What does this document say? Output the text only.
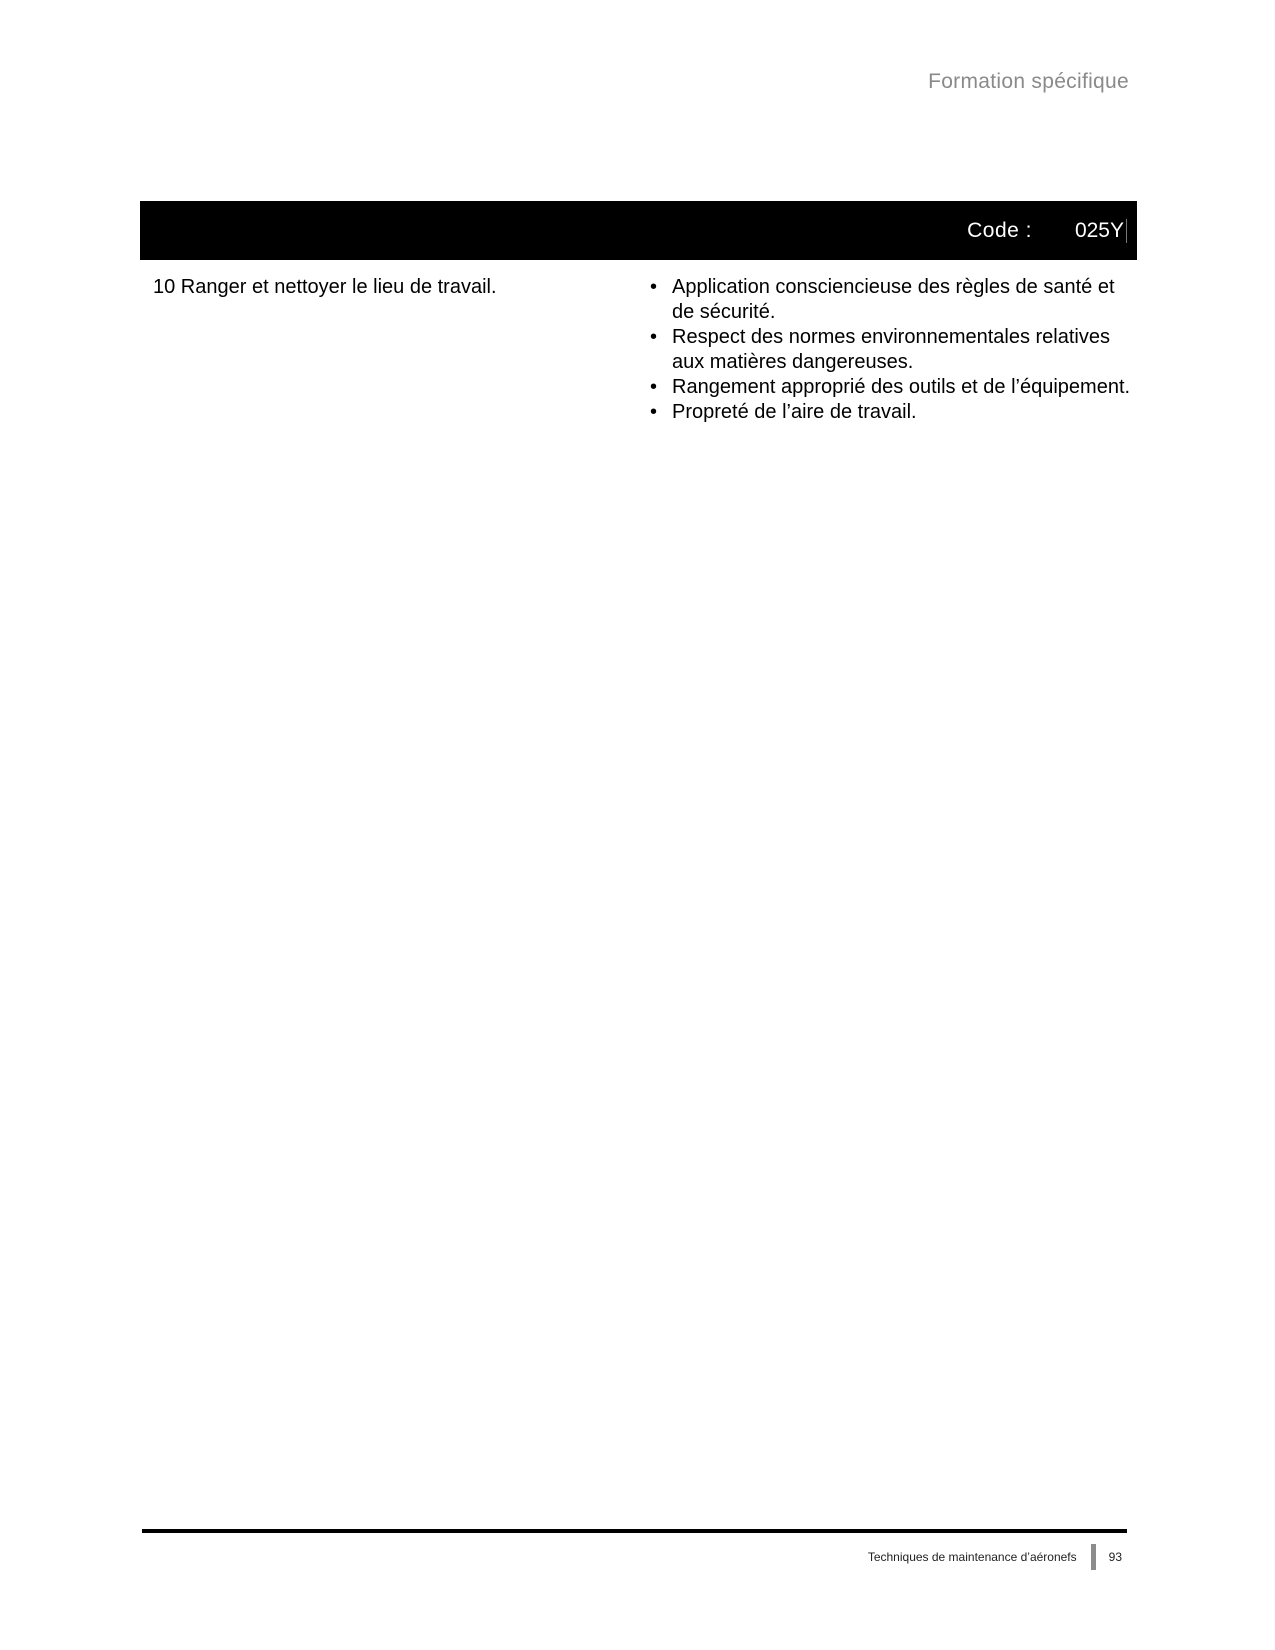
Formation spécifique
Code : 025Y
10 Ranger et nettoyer le lieu de travail.	• Application consciencieuse des règles de santé et de sécurité.
• Respect des normes environnementales relatives aux matières dangereuses.
• Rangement approprié des outils et de l’équipement.
• Propreté de l’aire de travail.
Techniques de maintenance d’aéronefs	93
